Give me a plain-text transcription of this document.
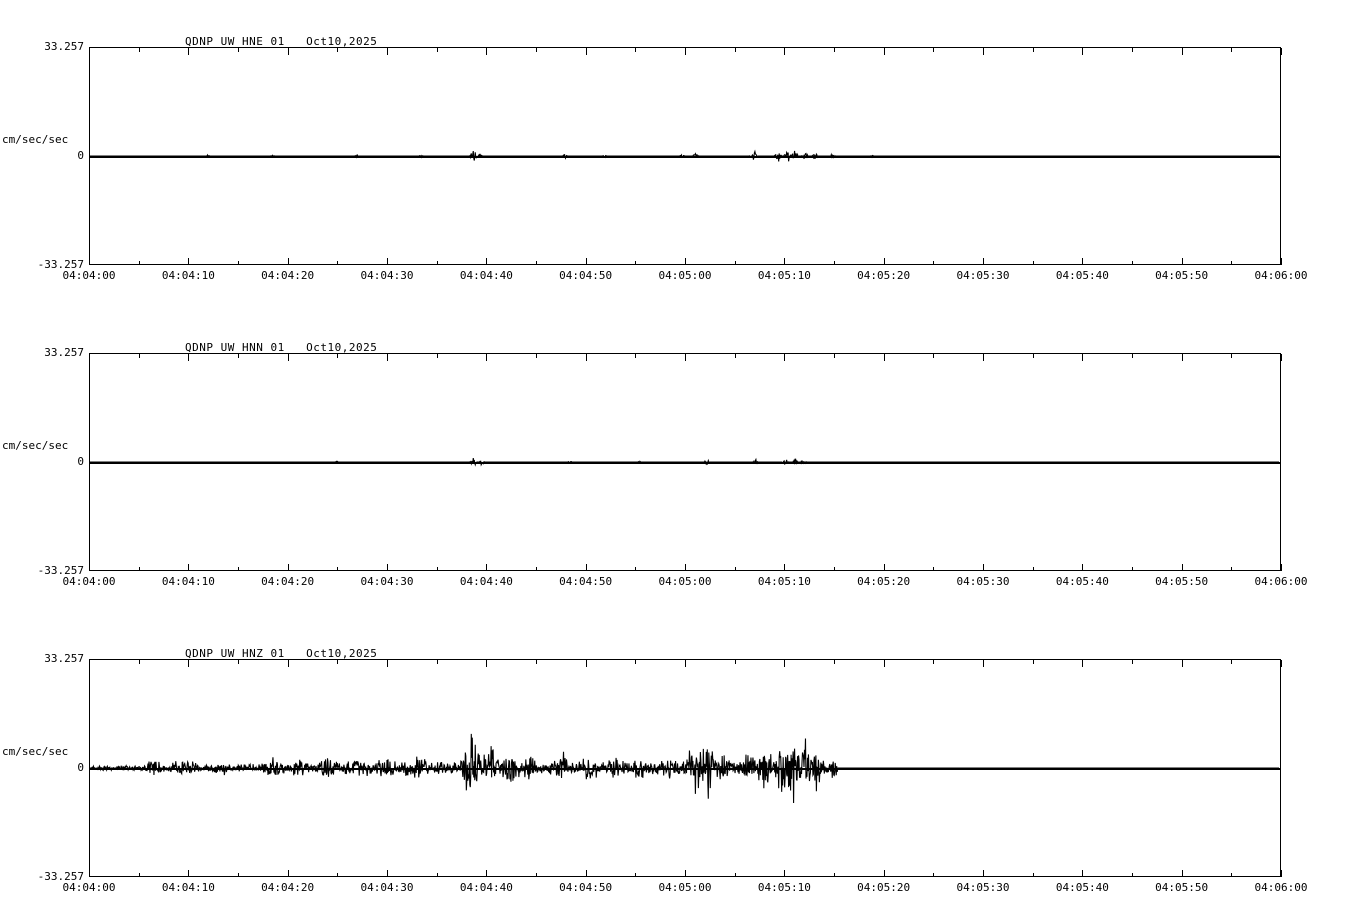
33.257
cm/sec/sec
0
-33.257
QDNP_UW_HNE_01 Oct10,2025
04:04:00	04:04:10	04:04:20	04:04:30	04:04:40	04:04:50	04:05:00	04:05:10	04:05:20	04:05:30	04:05:40	04:05:50	04:06:00
33.257
cm/sec/sec
0
-33.257
QDNP_UW_HNN_01 Oct10,2025
04:04:00	04:04:10	04:04:20	04:04:30	04:04:40	04:04:50	04:05:00	04:05:10	04:05:20	04:05:30	04:05:40	04:05:50	04:06:00
33.257
cm/sec/sec
0
-33.257
QDNP_UW_HNZ_01 Oct10,2025
04:04:00	04:04:10	04:04:20	04:04:30	04:04:40	04:04:50	04:05:00	04:05:10	04:05:20	04:05:30	04:05:40	04:05:50	04:06:00
